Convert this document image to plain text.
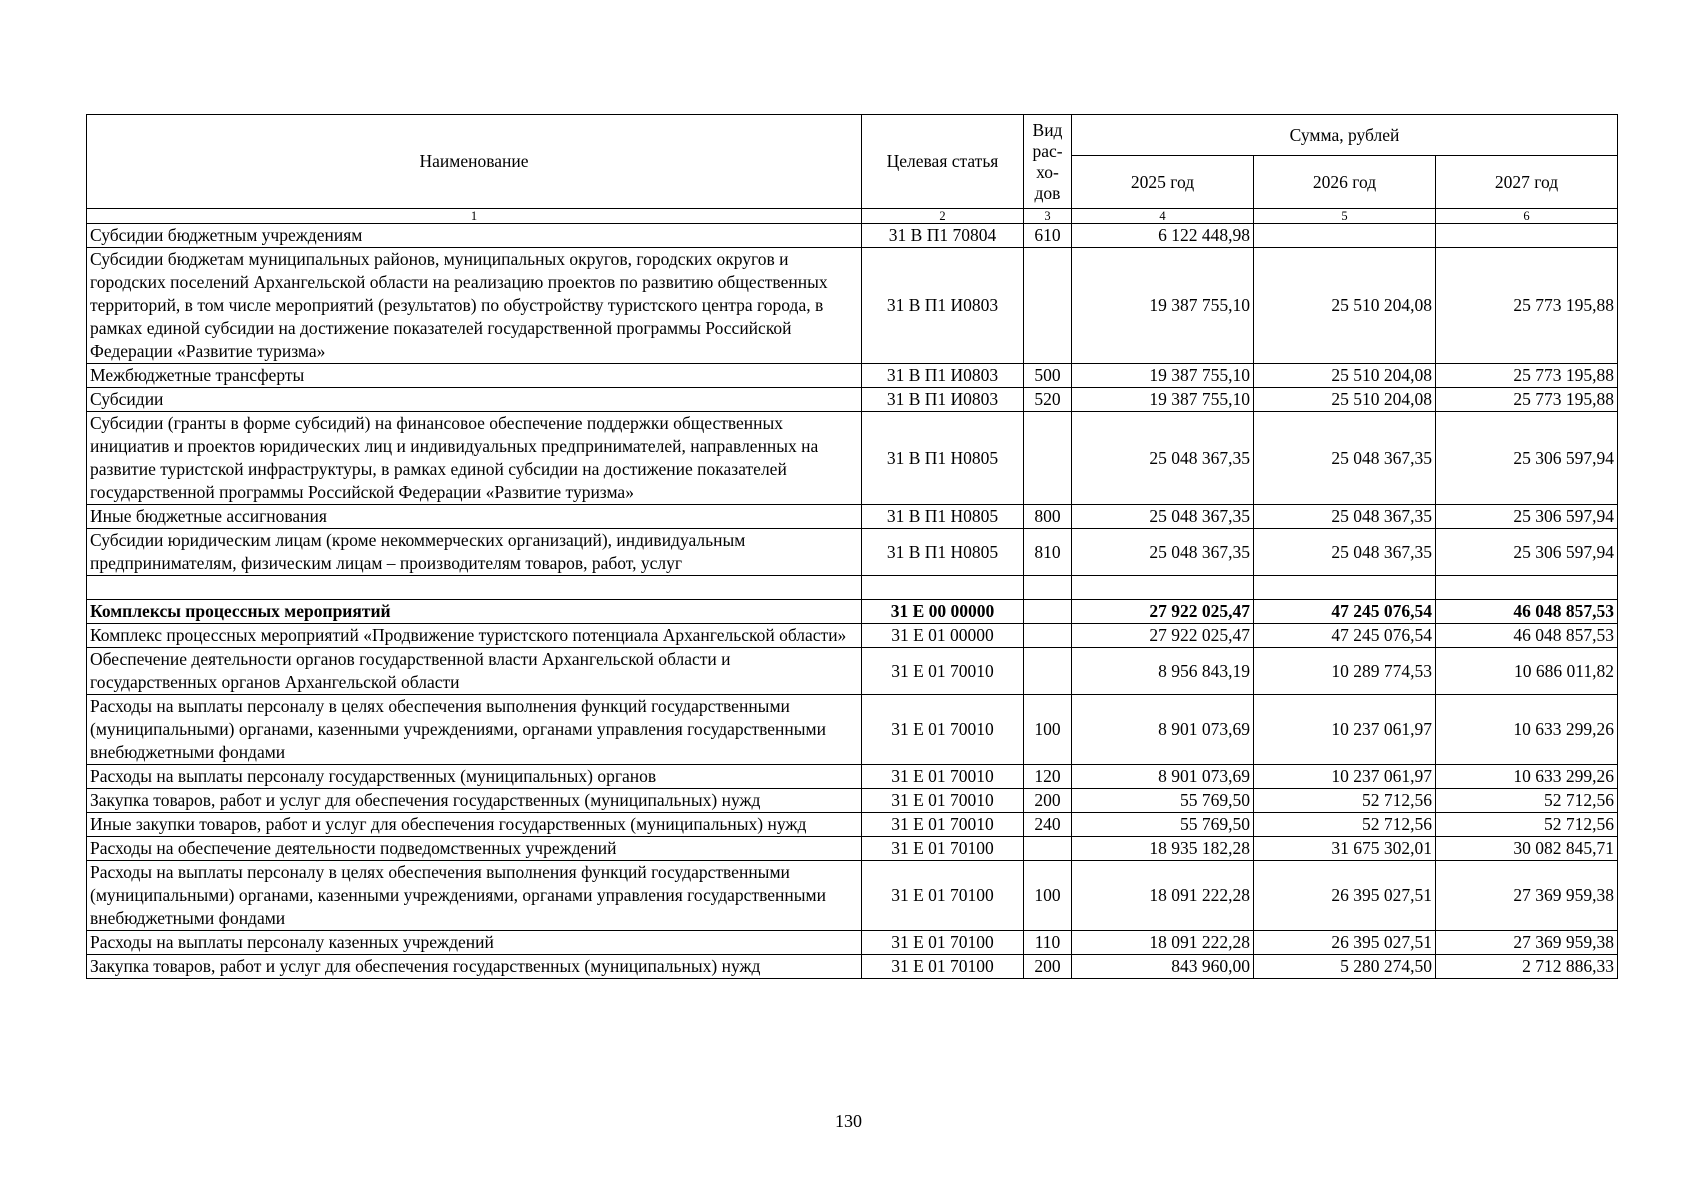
Наименование	Целевая статья	Вид рас-хо-дов	Сумма, рублей		
			2025 год	2026 год	2027 год
1	2	3	4	5	6
Субсидии бюджетным учреждениям	31 В П1 70804	610	6 122 448,98		
Субсидии бюджетам муниципальных районов, муниципальных округов, городских округов и городских поселений Архангельской области на реализацию проектов по развитию общественных территорий, в том числе мероприятий (результатов) по обустройству туристского центра города, в рамках единой субсидии на достижение показателей государственной программы Российской Федерации «Развитие туризма»	31 В П1 И0803		19 387 755,10	25 510 204,08	25 773 195,88
Межбюджетные трансферты	31 В П1 И0803	500	19 387 755,10	25 510 204,08	25 773 195,88
Субсидии	31 В П1 И0803	520	19 387 755,10	25 510 204,08	25 773 195,88
Субсидии (гранты в форме субсидий) на финансовое обеспечение поддержки общественных инициатив и проектов юридических лиц и индивидуальных предпринимателей, направленных на развитие туристской инфраструктуры, в рамках единой субсидии на достижение показателей государственной программы Российской Федерации «Развитие туризма»	31 В П1 Н0805		25 048 367,35	25 048 367,35	25 306 597,94
Иные бюджетные ассигнования	31 В П1 Н0805	800	25 048 367,35	25 048 367,35	25 306 597,94
Субсидии юридическим лицам (кроме некоммерческих организаций), индивидуальным предпринимателям, физическим лицам – производителям товаров, работ, услуг	31 В П1 Н0805	810	25 048 367,35	25 048 367,35	25 306 597,94

Комплексы процессных мероприятий	31 Е 00 00000		27 922 025,47	47 245 076,54	46 048 857,53
Комплекс процессных мероприятий «Продвижение туристского потенциала Архангельской области»	31 Е 01 00000		27 922 025,47	47 245 076,54	46 048 857,53
Обеспечение деятельности органов государственной власти Архангельской области и государственных органов Архангельской области	31 Е 01 70010		8 956 843,19	10 289 774,53	10 686 011,82
Расходы на выплаты персоналу в целях обеспечения выполнения функций государственными (муниципальными) органами, казенными учреждениями, органами управления государственными внебюджетными фондами	31 Е 01 70010	100	8 901 073,69	10 237 061,97	10 633 299,26
Расходы на выплаты персоналу государственных (муниципальных) органов	31 Е 01 70010	120	8 901 073,69	10 237 061,97	10 633 299,26
Закупка товаров, работ и услуг для обеспечения государственных (муниципальных) нужд	31 Е 01 70010	200	55 769,50	52 712,56	52 712,56
Иные закупки товаров, работ и услуг для обеспечения государственных (муниципальных) нужд	31 Е 01 70010	240	55 769,50	52 712,56	52 712,56
Расходы на обеспечение деятельности подведомственных учреждений	31 Е 01 70100		18 935 182,28	31 675 302,01	30 082 845,71
Расходы на выплаты персоналу в целях обеспечения выполнения функций государственными (муниципальными) органами, казенными учреждениями, органами управления государственными внебюджетными фондами	31 Е 01 70100	100	18 091 222,28	26 395 027,51	27 369 959,38
Расходы на выплаты персоналу казенных учреждений	31 Е 01 70100	110	18 091 222,28	26 395 027,51	27 369 959,38
Закупка товаров, работ и услуг для обеспечения государственных (муниципальных) нужд	31 Е 01 70100	200	843 960,00	5 280 274,50	2 712 886,33
130
